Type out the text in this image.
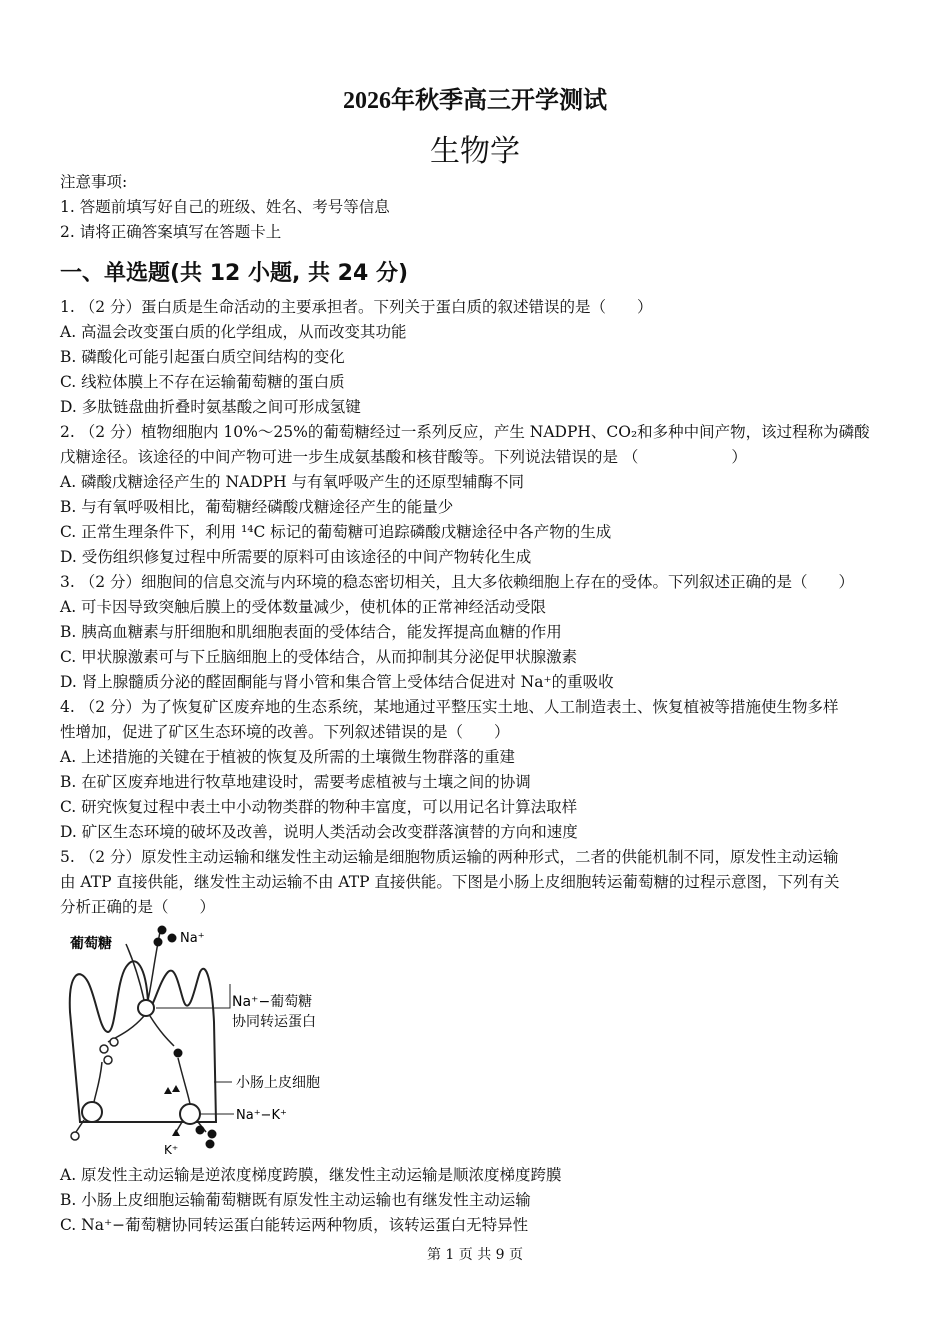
2026年秋季高三开学测试
生物学
注意事项:
1. 答题前填写好自己的班级、姓名、考号等信息
2. 请将正确答案填写在答题卡上
一、单选题(共 12 小题, 共 24 分)
1. （2 分）蛋白质是生命活动的主要承担者。下列关于蛋白质的叙述错误的是（　　）
A. 高温会改变蛋白质的化学组成，从而改变其功能
B. 磷酸化可能引起蛋白质空间结构的变化
C. 线粒体膜上不存在运输葡萄糖的蛋白质
D. 多肽链盘曲折叠时氨基酸之间可形成氢键
2. （2 分）植物细胞内 10%～25%的葡萄糖经过一系列反应，产生 NADPH、CO₂和多种中间产物，该过程称为磷酸
戊糖途径。该途径的中间产物可进一步生成氨基酸和核苷酸等。下列说法错误的是 （　　　　　　）
A. 磷酸戊糖途径产生的 NADPH 与有氧呼吸产生的还原型辅酶不同
B. 与有氧呼吸相比，葡萄糖经磷酸戊糖途径产生的能量少
C. 正常生理条件下，利用 ¹⁴C 标记的葡萄糖可追踪磷酸戊糖途径中各产物的生成
D. 受伤组织修复过程中所需要的原料可由该途径的中间产物转化生成
3. （2 分）细胞间的信息交流与内环境的稳态密切相关，且大多依赖细胞上存在的受体。下列叙述正确的是（　　）
A. 可卡因导致突触后膜上的受体数量减少，使机体的正常神经活动受限
B. 胰高血糖素与肝细胞和肌细胞表面的受体结合，能发挥提高血糖的作用
C. 甲状腺激素可与下丘脑细胞上的受体结合，从而抑制其分泌促甲状腺激素
D. 肾上腺髓质分泌的醛固酮能与肾小管和集合管上受体结合促进对 Na⁺的重吸收
4. （2 分）为了恢复矿区废弃地的生态系统，某地通过平整压实土地、人工制造表土、恢复植被等措施使生物多样
性增加，促进了矿区生态环境的改善。下列叙述错误的是（　　）
A. 上述措施的关键在于植被的恢复及所需的土壤微生物群落的重建
B. 在矿区废弃地进行牧草地建设时，需要考虑植被与土壤之间的协调
C. 研究恢复过程中表土中小动物类群的物种丰富度，可以用记名计算法取样
D. 矿区生态环境的破坏及改善，说明人类活动会改变群落演替的方向和速度
5. （2 分）原发性主动运输和继发性主动运输是细胞物质运输的两种形式，二者的供能机制不同，原发性主动运输
由 ATP 直接供能，继发性主动运输不由 ATP 直接供能。下图是小肠上皮细胞转运葡萄糖的过程示意图，下列有关
分析正确的是（　　）
葡萄糖	Na⁺
Na⁺−葡萄糖
协同转运蛋白
小肠上皮细胞
Na⁺−K⁺
K⁺
A. 原发性主动运输是逆浓度梯度跨膜，继发性主动运输是顺浓度梯度跨膜
B. 小肠上皮细胞运输葡萄糖既有原发性主动运输也有继发性主动运输
C. Na⁺−葡萄糖协同转运蛋白能转运两种物质，该转运蛋白无特异性
第 1 页 共 9 页
